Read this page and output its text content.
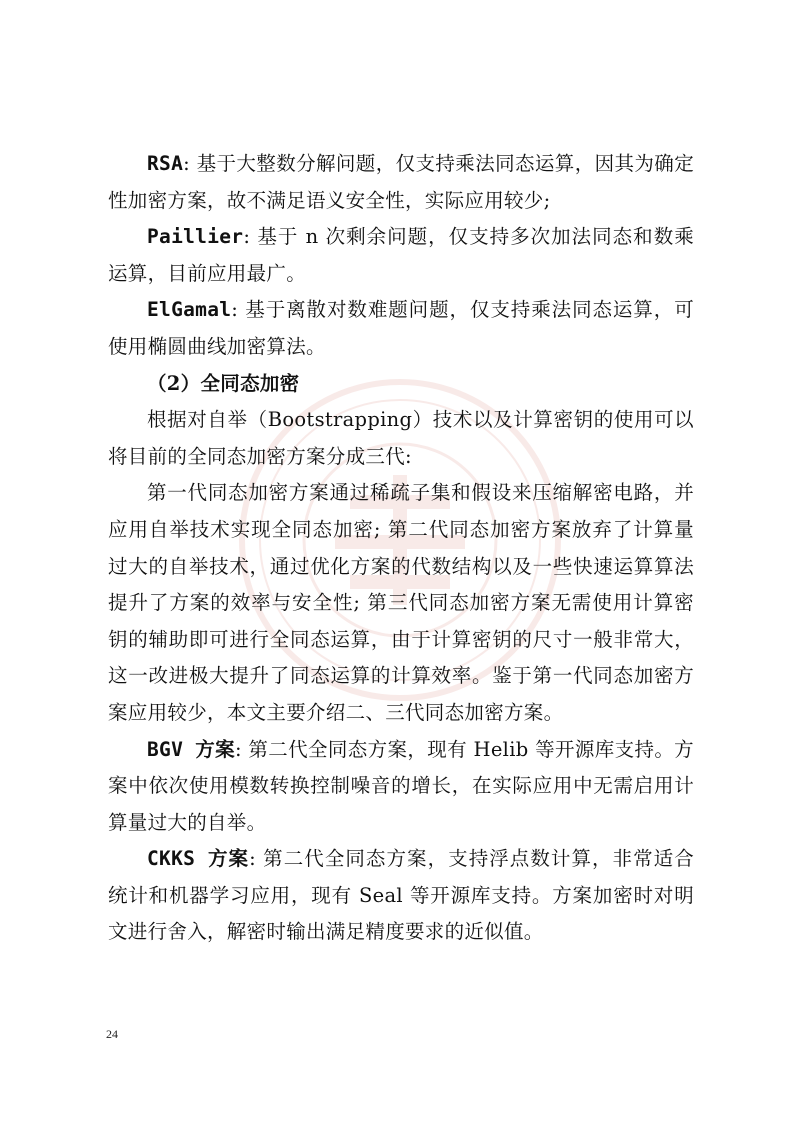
RSA: 基于大整数分解问题，仅支持乘法同态运算，因其为确定性加密方案，故不满足语义安全性，实际应用较少;

Paillier: 基于 n 次剩余问题，仅支持多次加法同态和数乘运算，目前应用最广。

ElGamal: 基于离散对数难题问题，仅支持乘法同态运算，可使用椭圆曲线加密算法。

（2）全同态加密

根据对自举（Bootstrapping）技术以及计算密钥的使用可以将目前的全同态加密方案分成三代:

第一代同态加密方案通过稀疏子集和假设来压缩解密电路，并应用自举技术实现全同态加密; 第二代同态加密方案放弃了计算量过大的自举技术，通过优化方案的代数结构以及一些快速运算算法提升了方案的效率与安全性; 第三代同态加密方案无需使用计算密钥的辅助即可进行全同态运算，由于计算密钥的尺寸一般非常大，这一改进极大提升了同态运算的计算效率。鉴于第一代同态加密方案应用较少，本文主要介绍二、三代同态加密方案。

BGV 方案: 第二代全同态方案，现有 Helib 等开源库支持。方案中依次使用模数转换控制噪音的增长，在实际应用中无需启用计算量过大的自举。

CKKS 方案: 第二代全同态方案，支持浮点数计算，非常适合统计和机器学习应用，现有 Seal 等开源库支持。方案加密时对明文进行舍入，解密时输出满足精度要求的近似值。

24
